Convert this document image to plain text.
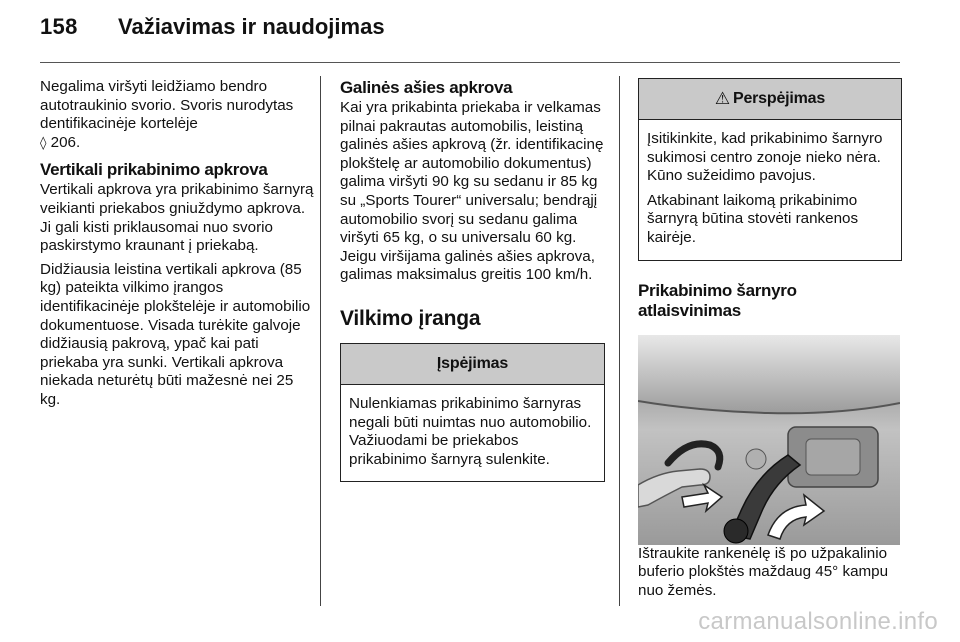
158 Važiavimas ir naudojimas

Negalima viršyti leidžiamo bendro autotraukinio svorio. Svoris nurodytas dentifikacinėje kortelėje
◊ 206.

Vertikali prikabinimo apkrova

Vertikali apkrova yra prikabinimo šarnyrą veikianti priekabos gniuždymo apkrova. Ji gali kisti priklausomai nuo svorio paskirstymo kraunant į priekabą.

Didžiausia leistina vertikali apkrova (85 kg) pateikta vilkimo įrangos identifikacinėje plokštelėje ir automobilio dokumentuose. Visada turėkite galvoje didžiausią pakrovą, ypač kai pati priekaba yra sunki. Vertikali apkrova niekada neturėtų būti mažesnė nei 25 kg.

Galinės ašies apkrova

Kai yra prikabinta priekaba ir velkamas pilnai pakrautas automobilis, leistiną galinės ašies apkrovą (žr. identifikacinę plokštelę ar automobilio dokumentus) galima viršyti 90 kg su sedanu ir 85 kg su „Sports Tourer“ universalu; bendrąjį automobilio svorį su sedanu galima viršyti 65 kg, o su universalu 60 kg. Jeigu viršijama galinės ašies apkrova, galimas maksimalus greitis 100 km/h.

Vilkimo įranga
Įspėjimas

Nulenkiamas prikabinimo šarnyras negali būti nuimtas nuo automobilio. Važiuodami be priekabos prikabinimo šarnyrą sulenkite.

⚠ Perspėjimas

Įsitikinkite, kad prikabinimo šarnyro sukimosi centro zonoje nieko nėra. Kūno sužeidimo pavojus.

Atkabinant laikomą prikabinimo šarnyrą būtina stovėti rankenos kairėje.

Prikabinimo šarnyro atlaisvinimas

Ištraukite rankenėlę iš po užpakalinio buferio plokštės maždaug 45° kampu nuo žemės.

carmanualsonline.info
